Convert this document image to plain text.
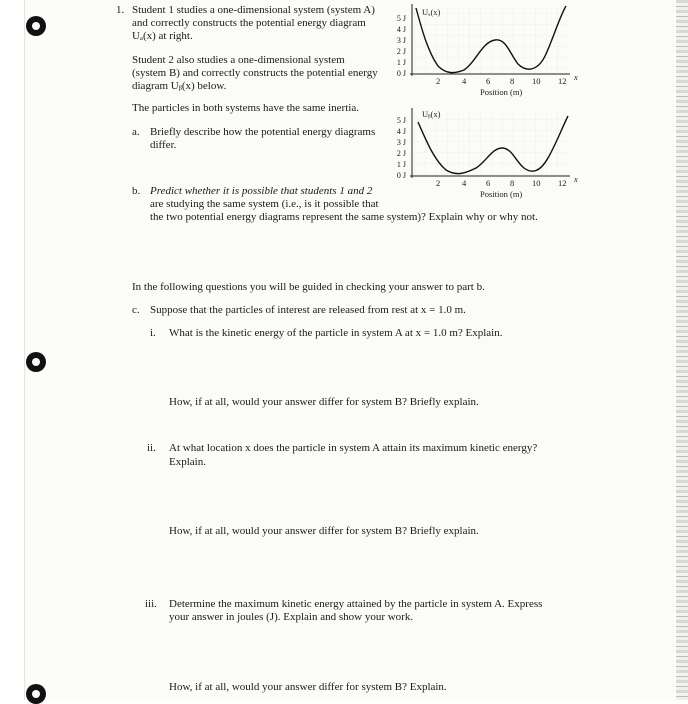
1. Student 1 studies a one-dimensional system (system A)
and correctly constructs the potential energy diagram
Uₐ(x) at right.
Student 2 also studies a one-dimensional system
(system B) and correctly constructs the potential energy
diagram Uᵦ(x) below.
The particles in both systems have the same inertia.
a. Briefly describe how the potential energy diagrams
differ.
b. Predict whether it is possible that students 1 and 2
are studying the same system (i.e., is it possible that
the two potential energy diagrams represent the same system)? Explain why or why not.
5 J
4 J
3 J
2 J
1 J
0 J
2	4 6 8 10 12 x
Position (m)
5 J
4 J
3 J
2 J
1 J
0 J
2	4 6 8 10 12 x
Position (m)
In the following questions you will be guided in checking your answer to part b.
c. Suppose that the particles of interest are released from rest at x = 1.0 m.
i. What is the kinetic energy of the particle in system A at x = 1.0 m? Explain.
How, if at all, would your answer differ for system B? Briefly explain.
ii. At what location x does the particle in system A attain its maximum kinetic energy?
Explain.
How, if at all, would your answer differ for system B? Briefly explain.
iii. Determine the maximum kinetic energy attained by the particle in system A. Express
your answer in joules (J). Explain and show your work.
How, if at all, would your answer differ for system B? Explain.
